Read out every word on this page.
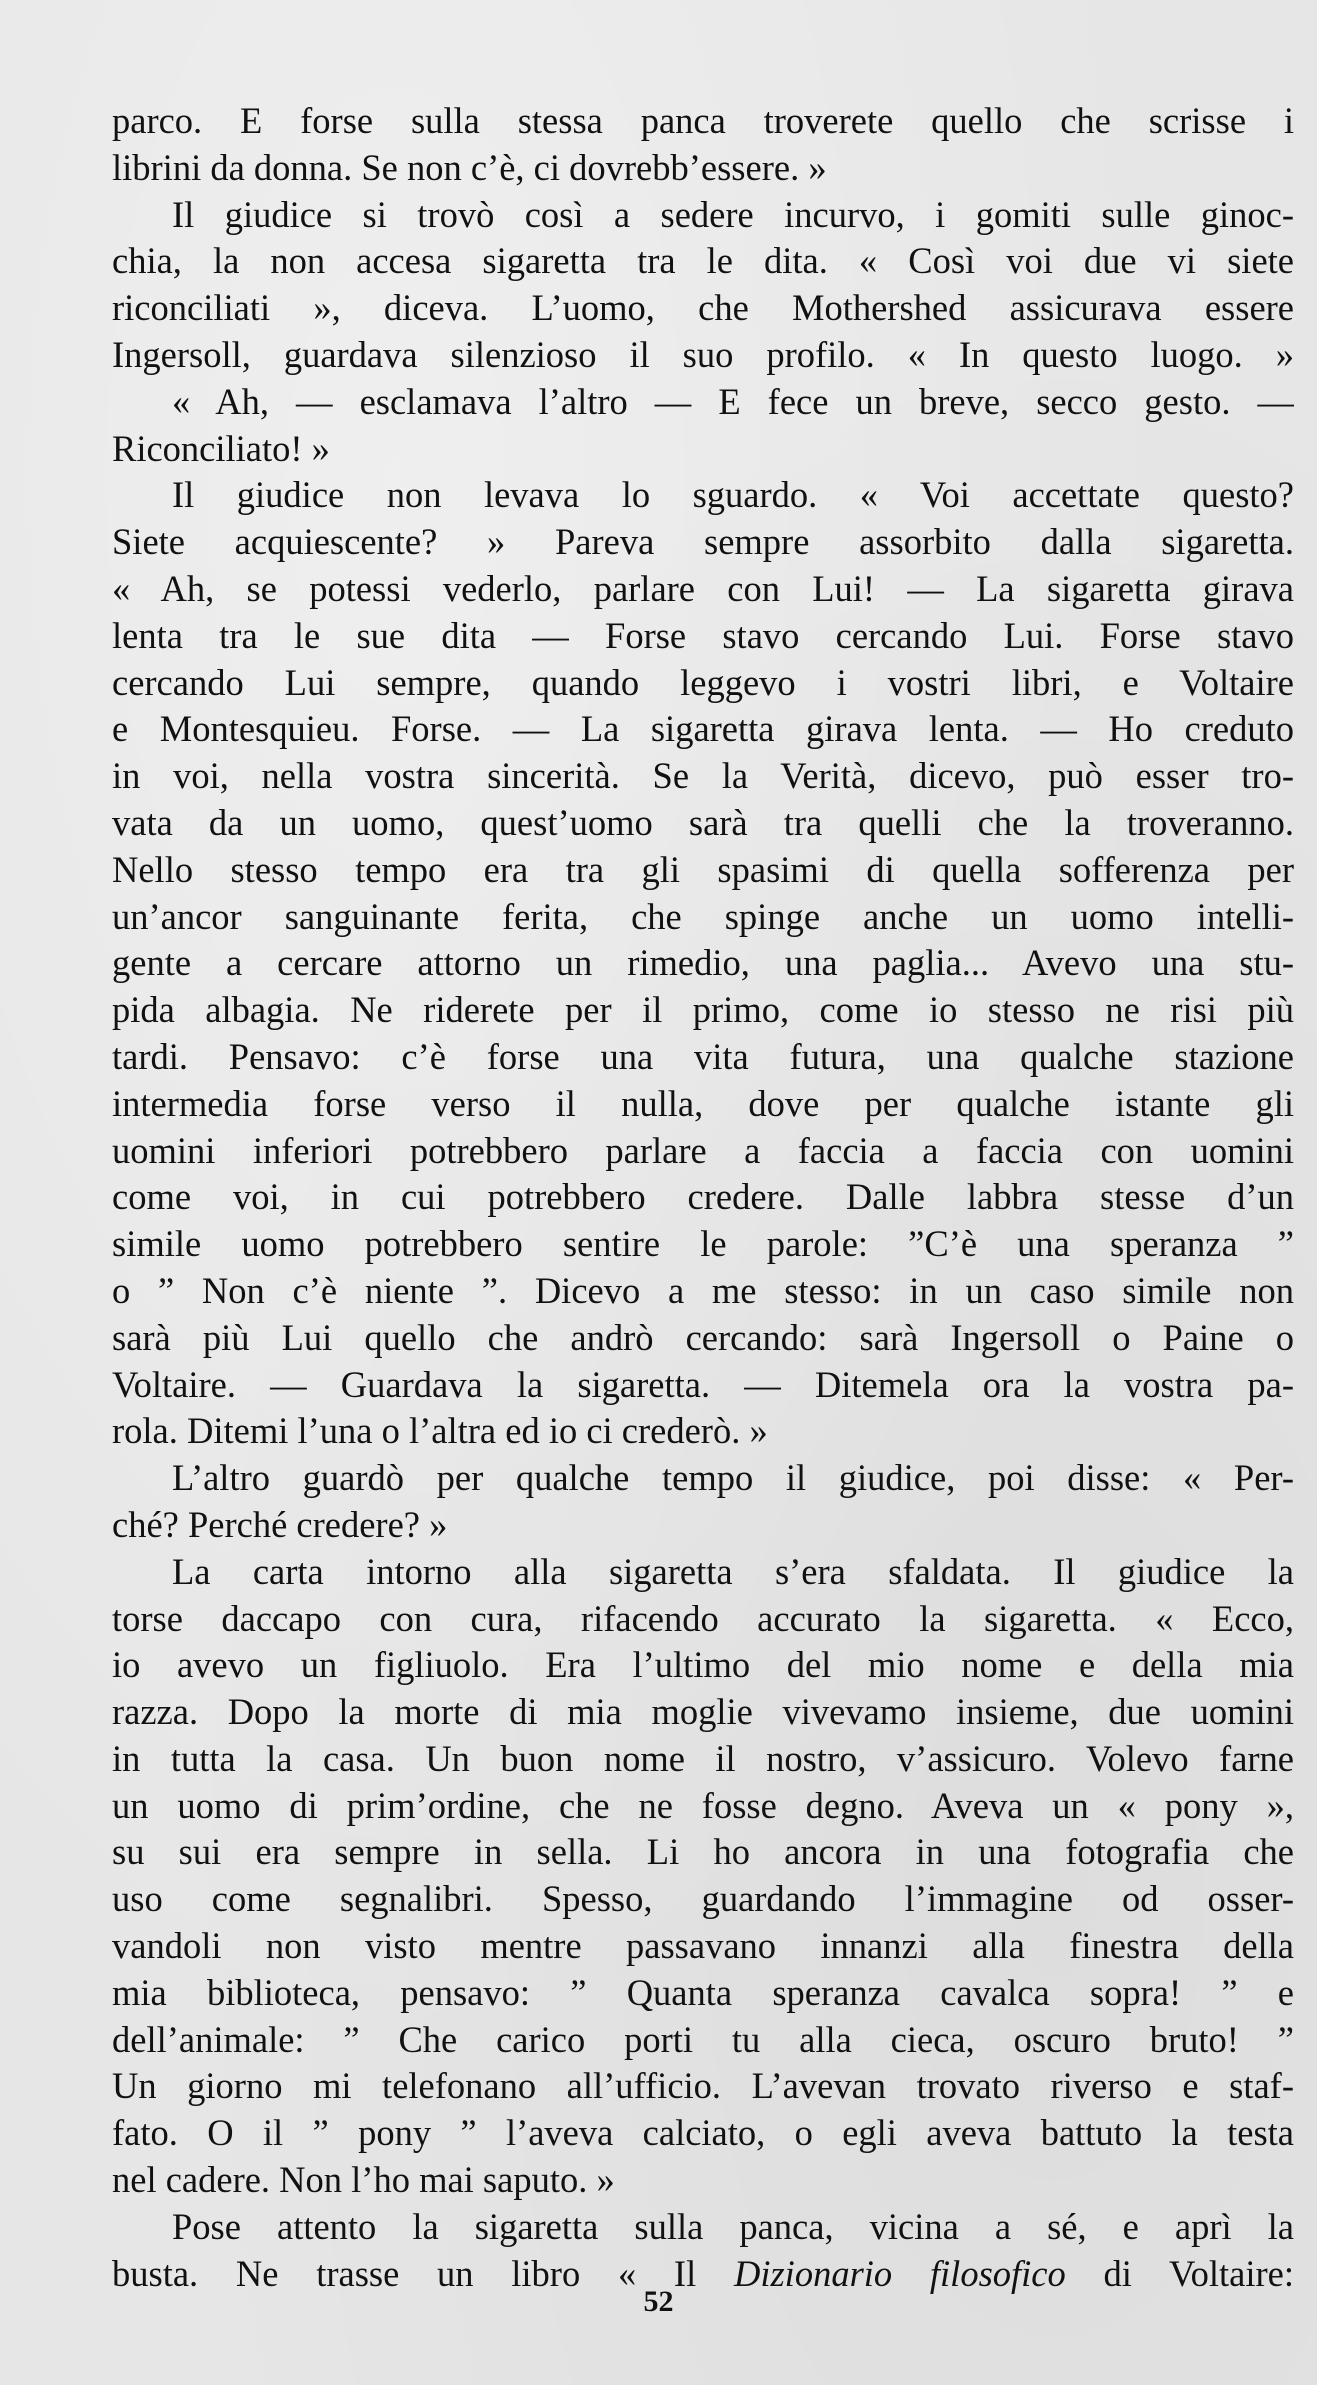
parco. E forse sulla stessa panca troverete quello che scrisse i
librini da donna. Se non c’è, ci dovrebb’essere. »
Il giudice si trovò così a sedere incurvo, i gomiti sulle ginoc-
chia, la non accesa sigaretta tra le dita. « Così voi due vi siete
riconciliati », diceva. L’uomo, che Mothershed assicurava essere
Ingersoll, guardava silenzioso il suo profilo. « In questo luogo. »
« Ah, — esclamava l’altro — E fece un breve, secco gesto. —
Riconciliato! »
Il giudice non levava lo sguardo. « Voi accettate questo?
Siete acquiescente? » Pareva sempre assorbito dalla sigaretta.
« Ah, se potessi vederlo, parlare con Lui! — La sigaretta girava
lenta tra le sue dita — Forse stavo cercando Lui. Forse stavo
cercando Lui sempre, quando leggevo i vostri libri, e Voltaire
e Montesquieu. Forse. — La sigaretta girava lenta. — Ho creduto
in voi, nella vostra sincerità. Se la Verità, dicevo, può esser tro-
vata da un uomo, quest’uomo sarà tra quelli che la troveranno.
Nello stesso tempo era tra gli spasimi di quella sofferenza per
un’ancor sanguinante ferita, che spinge anche un uomo intelli-
gente a cercare attorno un rimedio, una paglia... Avevo una stu-
pida albagia. Ne riderete per il primo, come io stesso ne risi più
tardi. Pensavo: c’è forse una vita futura, una qualche stazione
intermedia forse verso il nulla, dove per qualche istante gli
uomini inferiori potrebbero parlare a faccia a faccia con uomini
come voi, in cui potrebbero credere. Dalle labbra stesse d’un
simile uomo potrebbero sentire le parole: ”C’è una speranza ”
o ” Non c’è niente ”. Dicevo a me stesso: in un caso simile non
sarà più Lui quello che andrò cercando: sarà Ingersoll o Paine o
Voltaire. — Guardava la sigaretta. — Ditemela ora la vostra pa-
rola. Ditemi l’una o l’altra ed io ci crederò. »
L’altro guardò per qualche tempo il giudice, poi disse: « Per-
ché? Perché credere? »
La carta intorno alla sigaretta s’era sfaldata. Il giudice la
torse daccapo con cura, rifacendo accurato la sigaretta. « Ecco,
io avevo un figliuolo. Era l’ultimo del mio nome e della mia
razza. Dopo la morte di mia moglie vivevamo insieme, due uomini
in tutta la casa. Un buon nome il nostro, v’assicuro. Volevo farne
un uomo di prim’ordine, che ne fosse degno. Aveva un « pony »,
su sui era sempre in sella. Li ho ancora in una fotografia che
uso come segnalibri. Spesso, guardando l’immagine od osser-
vandoli non visto mentre passavano innanzi alla finestra della
mia biblioteca, pensavo: ” Quanta speranza cavalca sopra! ” e
dell’animale: ” Che carico porti tu alla cieca, oscuro bruto! ”
Un giorno mi telefonano all’ufficio. L’avevan trovato riverso e staf-
fato. O il ” pony ” l’aveva calciato, o egli aveva battuto la testa
nel cadere. Non l’ho mai saputo. »
Pose attento la sigaretta sulla panca, vicina a sé, e aprì la
busta. Ne trasse un libro « Il Dizionario filosofico di Voltaire:
52
